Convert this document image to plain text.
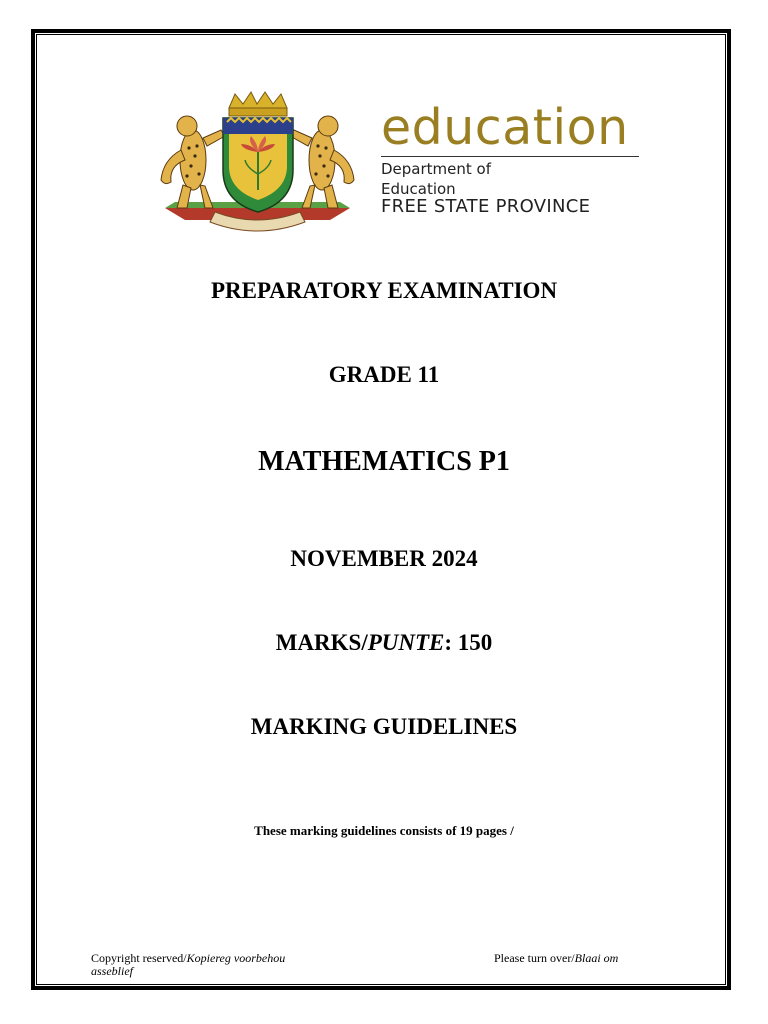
education
Department of
Education
FREE STATE PROVINCE
PREPARATORY EXAMINATION
GRADE 11
MATHEMATICS P1
NOVEMBER 2024
MARKS/PUNTE: 150
MARKING GUIDELINES
These marking guidelines consists of 19 pages /
Copyright reserved/Kopiereg voorbehou
asseblief
Please turn over/Blaai om
